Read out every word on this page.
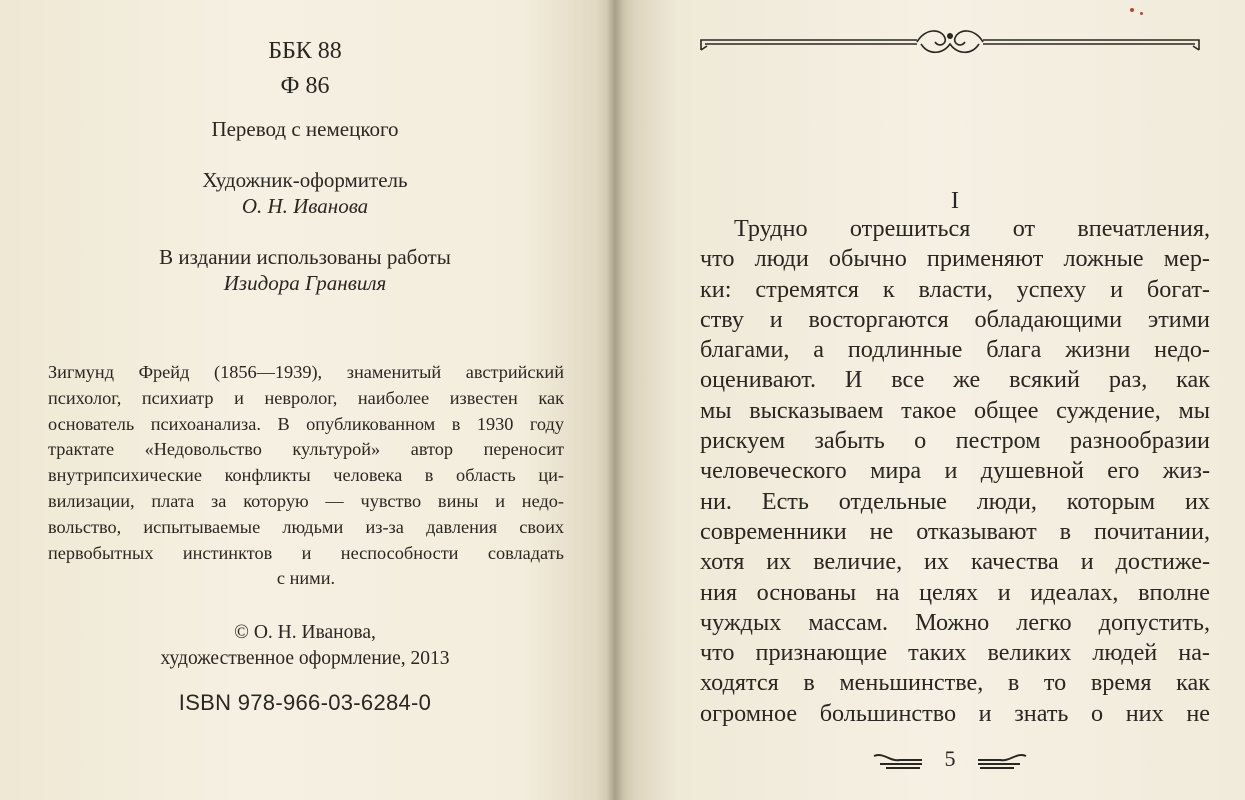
ББК 88
Ф 86
Перевод с немецкого
Художник-оформитель
О. Н. Иванова
В издании использованы работы
Изидора Гранвиля
Зигмунд Фрейд (1856—1939), знаменитый австрийский
психолог, психиатр и невролог, наиболее известен как
основатель психоанализа. В опубликованном в 1930 году
трактате «Недовольство культурой» автор переносит
внутрипсихические конфликты человека в область ци-
вилизации, плата за которую — чувство вины и недо-
вольство, испытываемые людьми из-за давления своих
первобытных инстинктов и неспособности совладать
с ними.
© О. Н. Иванова,
художественное оформление, 2013
ISBN 978-966-03-6284-0
I
Трудно отрешиться от впечатления,
что люди обычно применяют ложные мер-
ки: стремятся к власти, успеху и богат-
ству и восторгаются обладающими этими
благами, а подлинные блага жизни недо-
оценивают. И все же всякий раз, как
мы высказываем такое общее суждение, мы
рискуем забыть о пестром разнообразии
человеческого мира и душевной его жиз-
ни. Есть отдельные люди, которым их
современники не отказывают в почитании,
хотя их величие, их качества и достиже-
ния основаны на целях и идеалах, вполне
чуждых массам. Можно легко допустить,
что признающие таких великих людей на-
ходятся в меньшинстве, в то время как
огромное большинство и знать о них не
5
